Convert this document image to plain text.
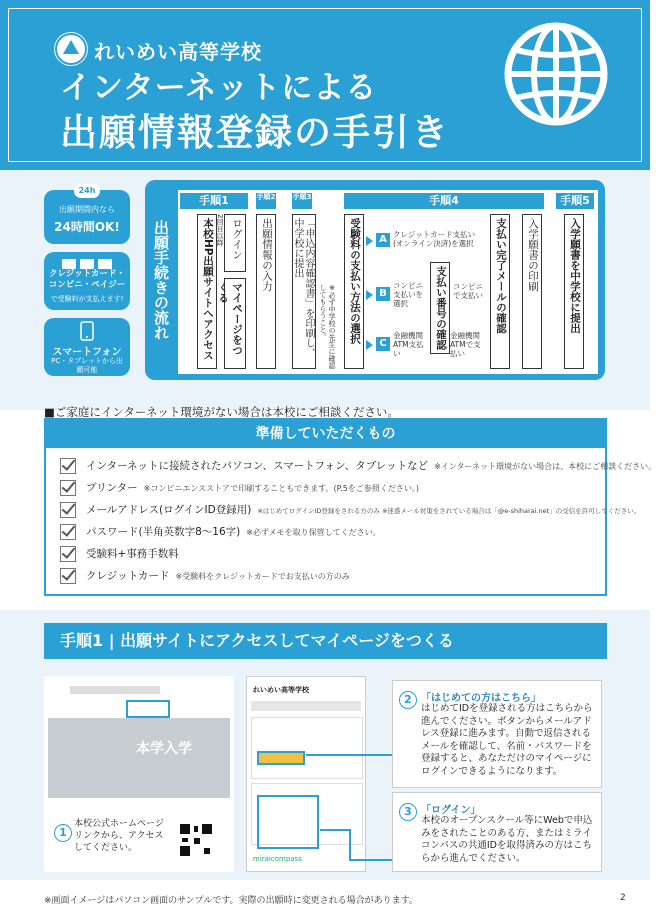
れいめい高等学校
インターネットによる
出願情報登録の手引き
24h
出願期間内なら
24時間OK!
クレジットカード・コンビニ・ペイジー
で受験料が支払えます!
スマートフォン
PC・タブレットから出願可能
出願手続きの流れ
手順1	手順2 手順3	手順4	手順5
本校HP出願サイトへアクセス	ログイン
2回目以降
マイページをつくる
出願情報の入力	「申込内容確認書」を印刷し、中学校に提出
※必ず中学校の先生に確認してもらうこと。	受験料の支払い方法の選択	A クレジットカード支払い(オンライン決済)を選択
B
コンビニ支払いを選択
C
金融機関ATM支払い
支払い番号の確認 コンビニで支払い
金融機関ATMで支払い
支払い完了メールの確認	入学願書の印刷	入学願書を中学校に提出
■ご家庭にインターネット環境がない場合は本校にご相談ください。
準備していただくもの
インターネットに接続されたパソコン、スマートフォン、タブレットなど ※インターネット環境がない場合は、本校にご相談ください。
プリンター ※コンビニエンスストアで印刷することもできます。(P.5をご参照ください。)
メールアドレス(ログインID登録用) ※はじめてログインID登録をされる方のみ ※迷惑メール対策をされている場合は「@e-shiharai.net」の受信を許可してください。
パスワード(半角英数字8〜16字) ※必ずメモを取り保管してください。
受験料+事務手数料
クレジットカード ※受験料をクレジットカードでお支払いの方のみ
手順1 | 出願サイトにアクセスしてマイページをつくる
本学入学
1
本校公式ホームページリンクから、アクセスしてください。
れいめい高等学校
miraicompass
2 「はじめての方はこちら」
はじめてIDを登録される方はこちらから進んでください。ボタンからメールアドレス登録に進みます。自動で返信されるメールを確認して、名前・パスワードを登録すると、あなただけのマイページにログインできるようになります。
3 「ログイン」
本校のオープンスクール等にWebで申込みをされたことのある方、またはミライコンパスの共通IDを取得済みの方はこちらから進んでください。
※画面イメージはパソコン画面のサンプルです。実際の出願時に変更される場合があります。	2
